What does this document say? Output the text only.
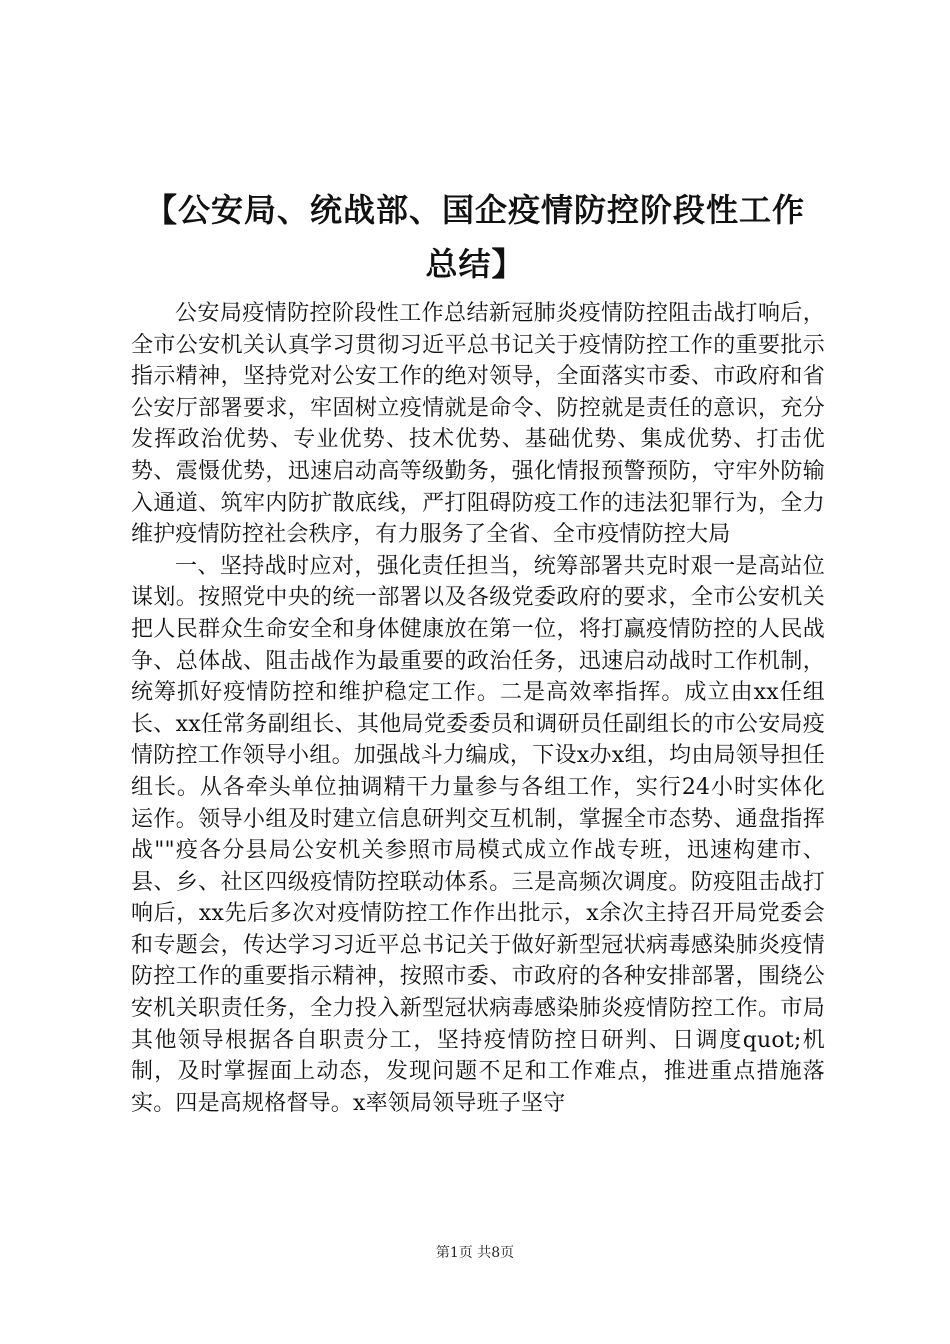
【公安局、统战部、国企疫情防控阶段性工作
总结】

公安局疫情防控阶段性工作总结新冠肺炎疫情防控阻击战打响后，全市公安机关认真学习贯彻习近平总书记关于疫情防控工作的重要批示指示精神，坚持党对公安工作的绝对领导，全面落实市委、市政府和省公安厅部署要求，牢固树立疫情就是命令、防控就是责任的意识，充分发挥政治优势、专业优势、技术优势、基础优势、集成优势、打击优势、震慑优势，迅速启动高等级勤务，强化情报预警预防，守牢外防输入通道、筑牢内防扩散底线，严打阻碍防疫工作的违法犯罪行为，全力维护疫情防控社会秩序，有力服务了全省、全市疫情防控大局

一、坚持战时应对，强化责任担当，统筹部署共克时艰一是高站位谋划。按照党中央的统一部署以及各级党委政府的要求，全市公安机关把人民群众生命安全和身体健康放在第一位，将打赢疫情防控的人民战争、总体战、阻击战作为最重要的政治任务，迅速启动战时工作机制，统筹抓好疫情防控和维护稳定工作。二是高效率指挥。成立由xx任组长、xx任常务副组长、其他局党委委员和调研员任副组长的市公安局疫情防控工作领导小组。加强战斗力编成，下设x办x组，均由局领导担任组长。从各牵头单位抽调精干力量参与各组工作，实行24小时实体化运作。领导小组及时建立信息研判交互机制，掌握全市态势、通盘指挥战""疫各分县局公安机关参照市局模式成立作战专班，迅速构建市、县、乡、社区四级疫情防控联动体系。三是高频次调度。防疫阻击战打响后，xx先后多次对疫情防控工作作出批示，x余次主持召开局党委会和专题会，传达学习习近平总书记关于做好新型冠状病毒感染肺炎疫情防控工作的重要指示精神，按照市委、市政府的各种安排部署，围绕公安机关职责任务，全力投入新型冠状病毒感染肺炎疫情防控工作。市局其他领导根据各自职责分工，坚持疫情防控日研判、日调度quot;机制，及时掌握面上动态，发现问题不足和工作难点，推进重点措施落实。四是高规格督导。x率领局领导班子坚守

第1页 共8页
